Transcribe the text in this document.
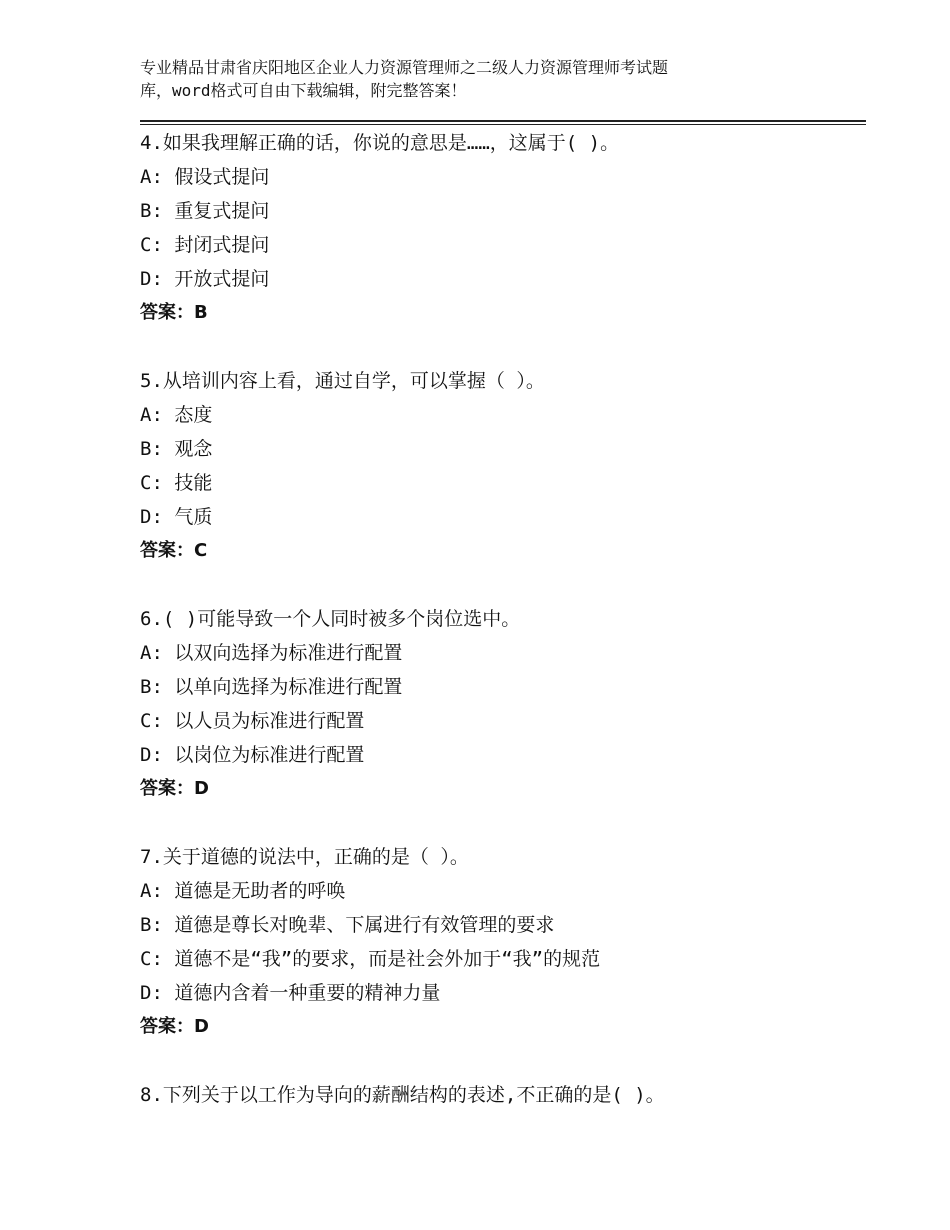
专业精品甘肃省庆阳地区企业人力资源管理师之二级人力资源管理师考试题
库，word格式可自由下载编辑，附完整答案！
4.如果我理解正确的话，你说的意思是……，这属于( )。
A: 假设式提问
B: 重复式提问
C: 封闭式提问
D: 开放式提问
答案：B
5.从培训内容上看，通过自学，可以掌握（ ）。
A: 态度
B: 观念
C: 技能
D: 气质
答案：C
6.( )可能导致一个人同时被多个岗位选中。
A: 以双向选择为标准进行配置
B: 以单向选择为标准进行配置
C: 以人员为标准进行配置
D: 以岗位为标准进行配置
答案：D
7.关于道德的说法中，正确的是（ ）。
A: 道德是无助者的呼唤
B: 道德是尊长对晚辈、下属进行有效管理的要求
C: 道德不是“我”的要求，而是社会外加于“我”的规范
D: 道德内含着一种重要的精神力量
答案：D
8.下列关于以工作为导向的薪酬结构的表述,不正确的是( )。
